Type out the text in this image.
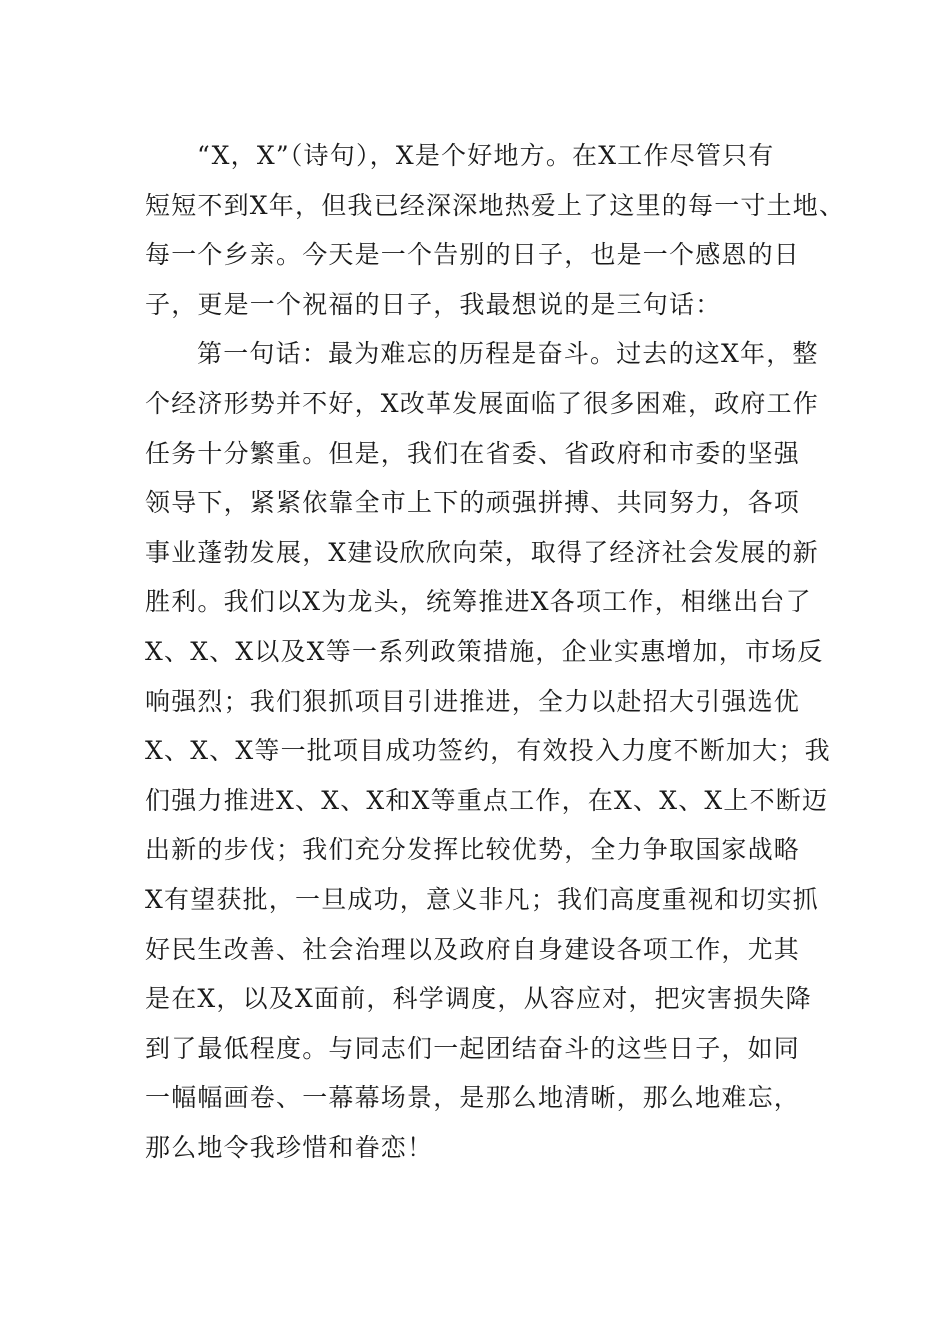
“X，X”（诗句），X是个好地方。在X工作尽管只有
短短不到X年，但我已经深深地热爱上了这里的每一寸土地、
每一个乡亲。今天是一个告别的日子，也是一个感恩的日
子，更是一个祝福的日子，我最想说的是三句话：
第一句话：最为难忘的历程是奋斗。过去的这X年，整
个经济形势并不好，X改革发展面临了很多困难，政府工作
任务十分繁重。但是，我们在省委、省政府和市委的坚强
领导下，紧紧依靠全市上下的顽强拼搏、共同努力，各项
事业蓬勃发展，X建设欣欣向荣，取得了经济社会发展的新
胜利。我们以X为龙头，统筹推进X各项工作，相继出台了
X、X、X以及X等一系列政策措施，企业实惠增加，市场反
响强烈；我们狠抓项目引进推进，全力以赴招大引强选优
X、X、X等一批项目成功签约，有效投入力度不断加大；我
们强力推进X、X、X和X等重点工作，在X、X、X上不断迈
出新的步伐；我们充分发挥比较优势，全力争取国家战略
X有望获批，一旦成功，意义非凡；我们高度重视和切实抓
好民生改善、社会治理以及政府自身建设各项工作，尤其
是在X，以及X面前，科学调度，从容应对，把灾害损失降
到了最低程度。与同志们一起团结奋斗的这些日子，如同
一幅幅画卷、一幕幕场景，是那么地清晰，那么地难忘，
那么地令我珍惜和眷恋！
